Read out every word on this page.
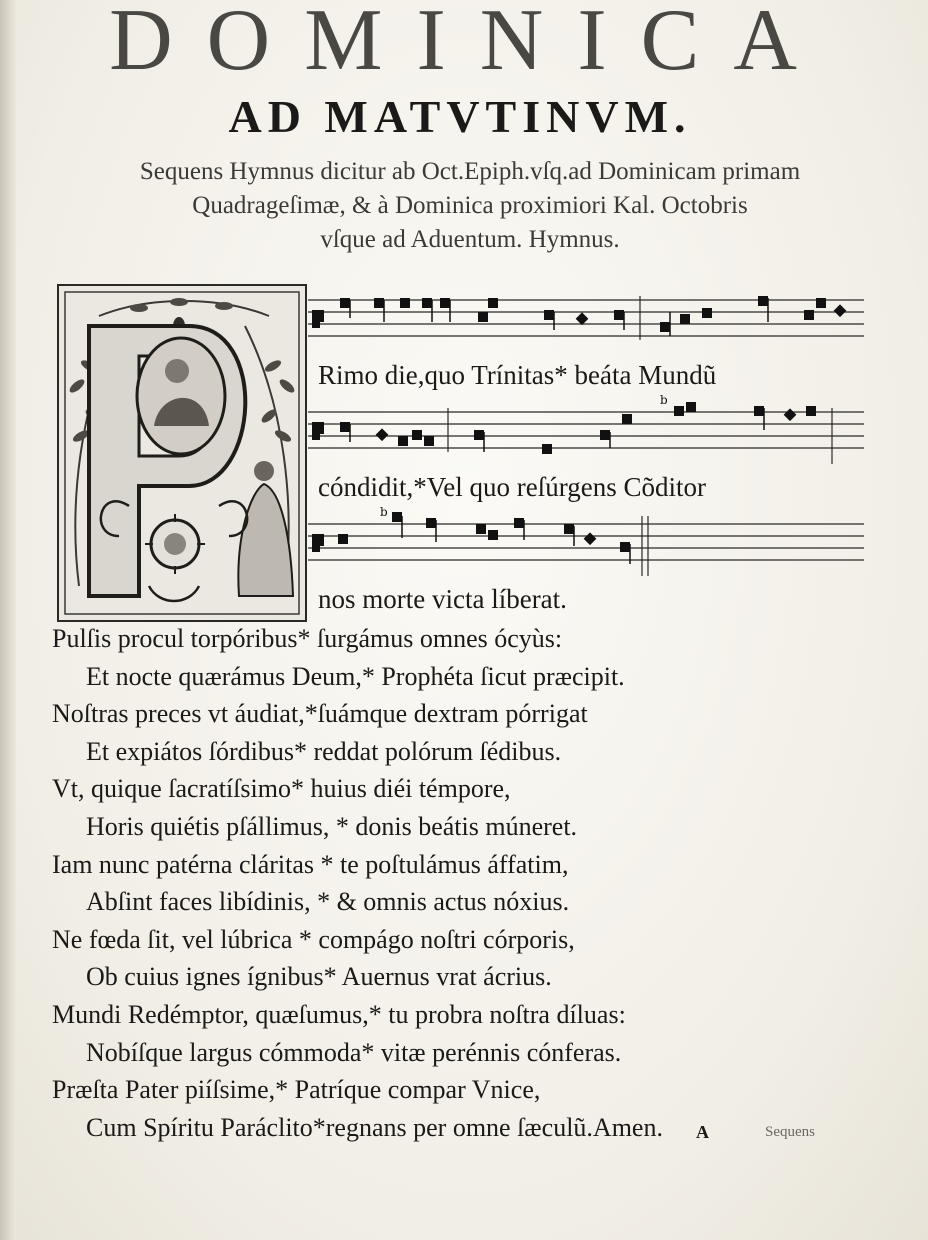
DOMINICA
AD MATVTINVM.
Sequens Hymnus dicitur ab Oct.Epiph.vſq.ad Dominicam primam
Quadrageſimæ, & à Dominica proximiori Kal. Octobris
vſque ad Aduentum. Hymnus.
Rimo die,quo Trínitas* beáta Mundũ
b
cóndidit,*Vel quo reſúrgens Cõditor
b
nos morte victa líberat.
Pulſis procul torpóribus* ſurgámus omnes ócyùs:
Et nocte quærámus Deum,* Prophéta ſicut præcipit.
Noſtras preces vt áudiat,*ſuámque dextram pórrigat
Et expiátos ſórdibus* reddat polórum ſédibus.
Vt, quique ſacratíſsimo* huius diéi témpore,
Horis quiétis pſállimus, * donis beátis múneret.
Iam nunc patérna cláritas * te poſtulámus áffatim,
Abſint faces libídinis, * & omnis actus nóxius.
Ne fœda ſit, vel lúbrica * compágo noſtri córporis,
Ob cuius ignes ígnibus* Auernus vrat ácrius.
Mundi Redémptor, quæſumus,* tu probra noſtra díluas:
Nobíſque largus cómmoda* vitæ perénnis cónferas.
Præſta Pater piíſsime,* Patríque compar Vnice,
Cum Spíritu Paráclito*regnans per omne ſæculũ.Amen.	A	Sequens
